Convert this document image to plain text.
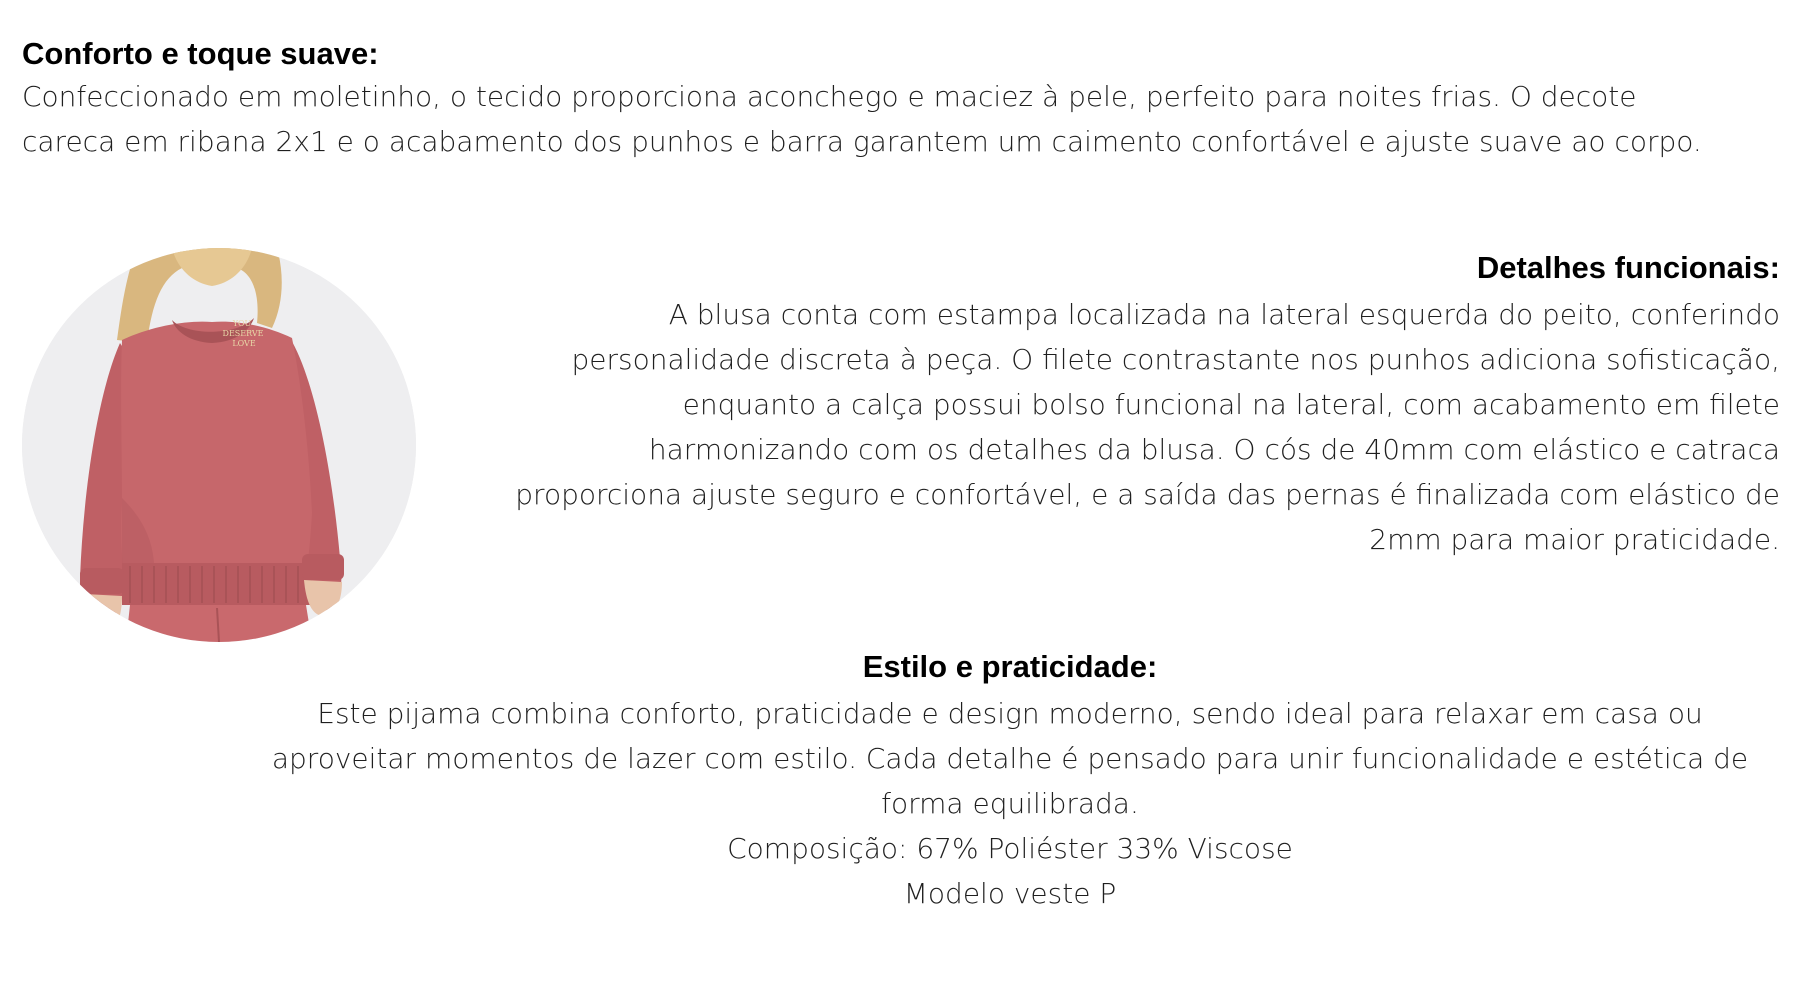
Conforto e toque suave:

Confeccionado em moletinho, o tecido proporciona aconchego e maciez à pele, perfeito para noites frias. O decote

careca em ribana 2x1 e o acabamento dos punhos e barra garantem um caimento confortável e ajuste suave ao corpo.

YOU
DESERVE
LOVE
Detalhes funcionais:

A blusa conta com estampa localizada na lateral esquerda do peito, conferindo

personalidade discreta à peça. O filete contrastante nos punhos adiciona sofisticação,

enquanto a calça possui bolso funcional na lateral, com acabamento em filete

harmonizando com os detalhes da blusa. O cós de 40mm com elástico e catraca

proporciona ajuste seguro e confortável, e a saída das pernas é finalizada com elástico de

2mm para maior praticidade.

Estilo e praticidade:

Este pijama combina conforto, praticidade e design moderno, sendo ideal para relaxar em casa ou

aproveitar momentos de lazer com estilo. Cada detalhe é pensado para unir funcionalidade e estética de

forma equilibrada.

Composição: 67% Poliéster 33% Viscose

Modelo veste P
